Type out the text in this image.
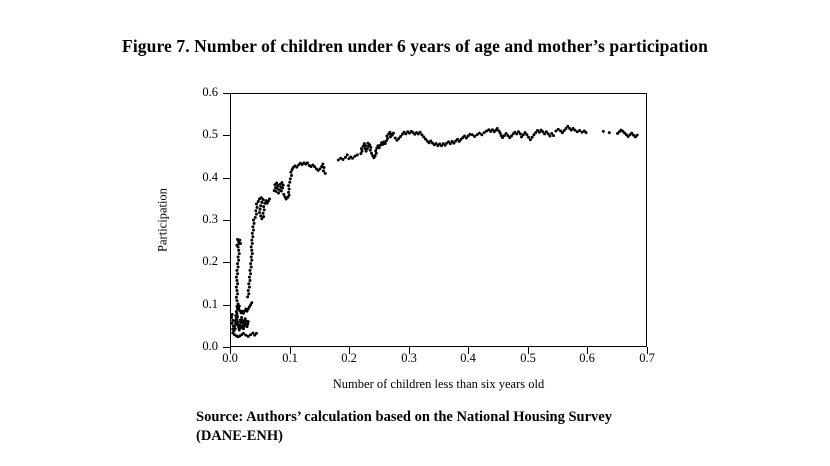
Figure 7. Number of children under 6 years of age and mother’s participation
Participation
0.0	0.1	0.2	0.3	0.4	0.5	0.6	0.7
0.0
0.1
0.2
0.3
0.4
0.5
0.6
Number of children less than six years old
Source: Authors’ calculation based on the National Housing Survey
(DANE-ENH)
